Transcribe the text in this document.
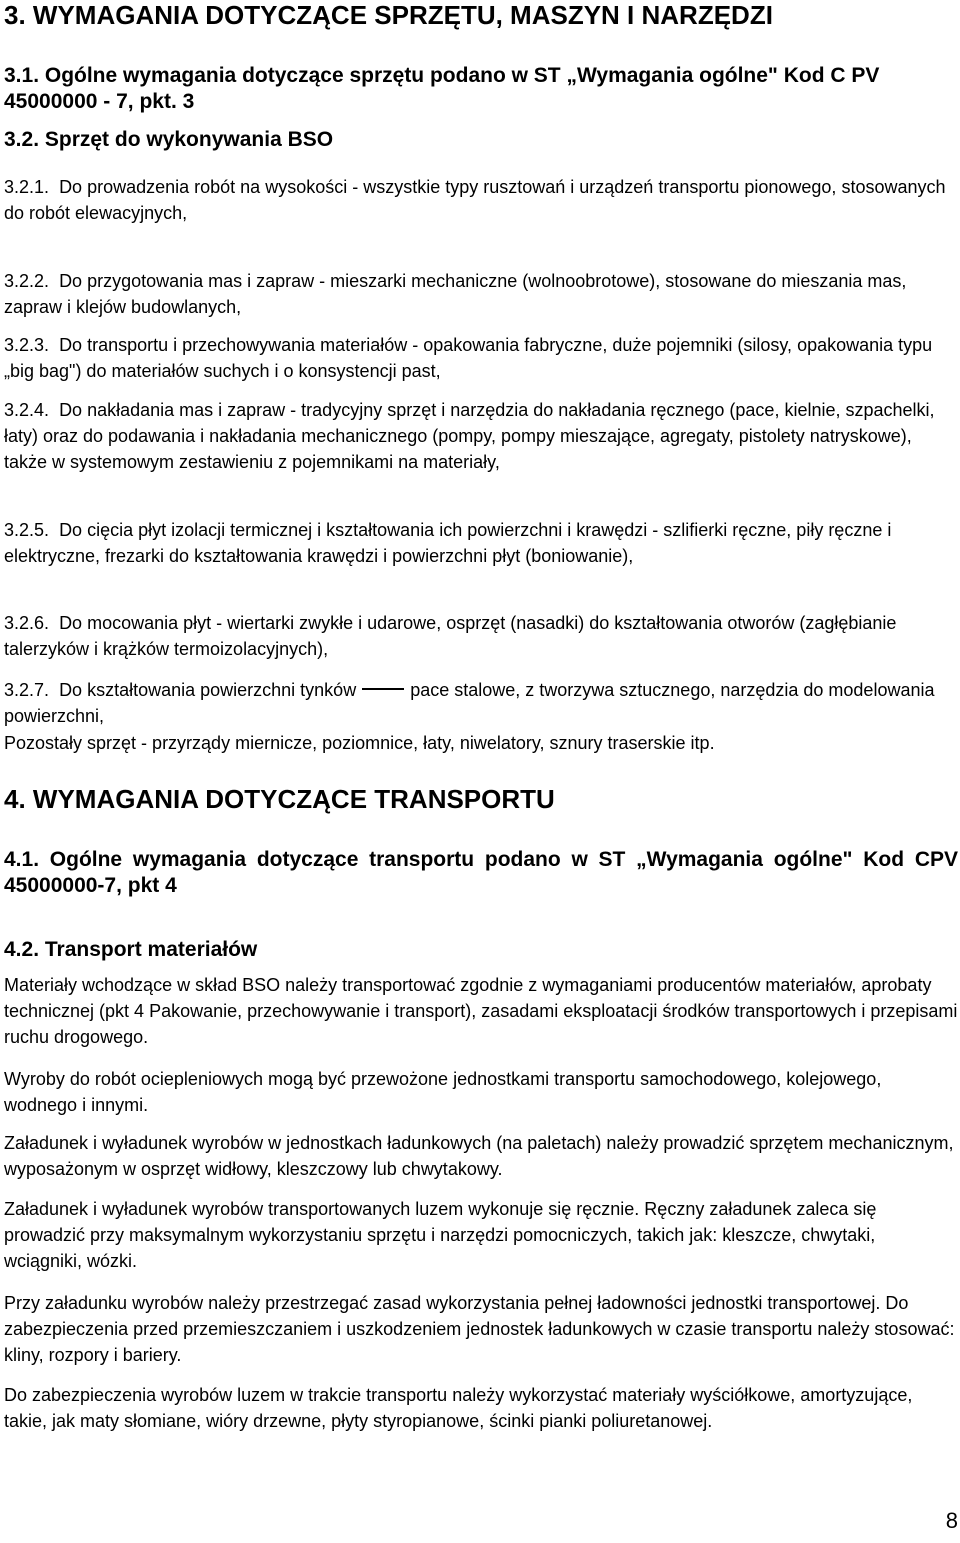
3. WYMAGANIA DOTYCZĄCE SPRZĘTU, MASZYN I NARZĘDZI
3.1. Ogólne wymagania dotyczące sprzętu podano w ST „Wymagania ogólne" Kod C PV 45000000 - 7, pkt. 3
3.2. Sprzęt do wykonywania BSO
3.2.1. Do prowadzenia robót na wysokości - wszystkie typy rusztowań i urządzeń transportu pionowego, stosowanych do robót elewacyjnych,
3.2.2. Do przygotowania mas i zapraw - mieszarki mechaniczne (wolnoobrotowe), stosowane do mieszania mas, zapraw i klejów budowlanych,
3.2.3. Do transportu i przechowywania materiałów - opakowania fabryczne, duże pojemniki (silosy, opakowania typu „big bag") do materiałów suchych i o konsystencji past,
3.2.4. Do nakładania mas i zapraw - tradycyjny sprzęt i narzędzia do nakładania ręcznego (pace, kielnie, szpachelki, łaty) oraz do podawania i nakładania mechanicznego (pompy, pompy mieszające, agregaty, pistolety natryskowe), także w systemowym zestawieniu z pojemnikami na materiały,
3.2.5. Do cięcia płyt izolacji termicznej i kształtowania ich powierzchni i krawędzi - szlifierki ręczne, piły ręczne i elektryczne, frezarki do kształtowania krawędzi i powierzchni płyt (boniowanie),
3.2.6. Do mocowania płyt - wiertarki zwykłe i udarowe, osprzęt (nasadki) do kształtowania otworów (zagłębianie talerzyków i krążków termoizolacyjnych),
3.2.7. Do kształtowania powierzchni tynków	pace stalowe, z tworzywa sztucznego, narzędzia do modelowania powierzchni,
Pozostały sprzęt - przyrządy miernicze, poziomnice, łaty, niwelatory, sznury traserskie itp.
4. WYMAGANIA DOTYCZĄCE TRANSPORTU
4.1. Ogólne wymagania dotyczące transportu podano w ST „Wymagania ogólne" Kod CPV 45000000-7, pkt 4
4.2. Transport materiałów
Materiały wchodzące w skład BSO należy transportować zgodnie z wymaganiami producentów materiałów, aprobaty technicznej (pkt 4 Pakowanie, przechowywanie i transport), zasadami eksploatacji środków transportowych i przepisami ruchu drogowego.
Wyroby do robót ociepleniowych mogą być przewożone jednostkami transportu samochodowego, kolejowego, wodnego i innymi.
Załadunek i wyładunek wyrobów w jednostkach ładunkowych (na paletach) należy prowadzić sprzętem mechanicznym, wyposażonym w osprzęt widłowy, kleszczowy lub chwytakowy.
Załadunek i wyładunek wyrobów transportowanych luzem wykonuje się ręcznie. Ręczny załadunek zaleca się prowadzić przy maksymalnym wykorzystaniu sprzętu i narzędzi pomocniczych, takich jak: kleszcze, chwytaki, wciągniki, wózki.
Przy załadunku wyrobów należy przestrzegać zasad wykorzystania pełnej ładowności jednostki transportowej. Do zabezpieczenia przed przemieszczaniem i uszkodzeniem jednostek ładunkowych w czasie transportu należy stosować: kliny, rozpory i bariery.
Do zabezpieczenia wyrobów luzem w trakcie transportu należy wykorzystać materiały wyściółkowe, amortyzujące, takie, jak maty słomiane, wióry drzewne, płyty styropianowe, ścinki pianki poliuretanowej.
8
